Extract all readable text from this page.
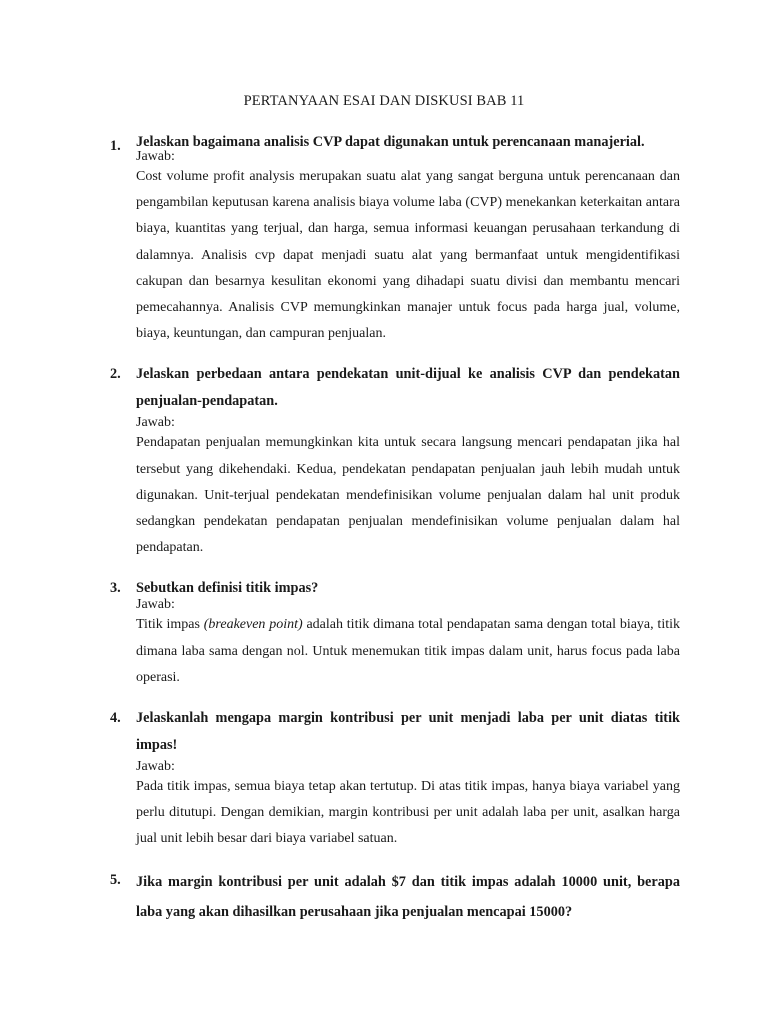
PERTANYAAN ESAI DAN DISKUSI BAB 11
1.	Jelaskan bagaimana analisis CVP dapat digunakan untuk perencanaan manajerial.

Jawab:

Cost volume profit analysis merupakan suatu alat yang sangat berguna untuk perencanaan dan pengambilan keputusan karena analisis biaya volume laba (CVP) menekankan keterkaitan antara biaya, kuantitas yang terjual, dan harga, semua informasi keuangan perusahaan terkandung di dalamnya. Analisis cvp dapat menjadi suatu alat yang bermanfaat untuk mengidentifikasi cakupan dan besarnya kesulitan ekonomi yang dihadapi suatu divisi dan membantu mencari pemecahannya. Analisis CVP memungkinkan manajer untuk focus pada harga jual, volume, biaya, keuntungan, dan campuran penjualan.

2.	Jelaskan perbedaan antara pendekatan unit-dijual ke analisis CVP dan pendekatan penjualan-pendapatan.

Jawab:

Pendapatan penjualan memungkinkan kita untuk secara langsung mencari pendapatan jika hal tersebut yang dikehendaki. Kedua, pendekatan pendapatan penjualan jauh lebih mudah untuk digunakan. Unit-terjual pendekatan mendefinisikan volume penjualan dalam hal unit produk sedangkan pendekatan pendapatan penjualan mendefinisikan volume penjualan dalam hal pendapatan.

3.	Sebutkan definisi titik impas?

Jawab:

Titik impas (breakeven point) adalah titik dimana total pendapatan sama dengan total biaya, titik dimana laba sama dengan nol. Untuk menemukan titik impas dalam unit, harus focus pada laba operasi.

4.	Jelaskanlah mengapa margin kontribusi per unit menjadi laba per unit diatas titik impas!

Jawab:

Pada titik impas, semua biaya tetap akan tertutup. Di atas titik impas, hanya biaya variabel yang perlu ditutupi. Dengan demikian, margin kontribusi per unit adalah laba per unit, asalkan harga jual unit lebih besar dari biaya variabel satuan.

5.	Jika margin kontribusi per unit adalah $7 dan titik impas adalah 10000 unit, berapa laba yang akan dihasilkan perusahaan jika penjualan mencapai 15000?
